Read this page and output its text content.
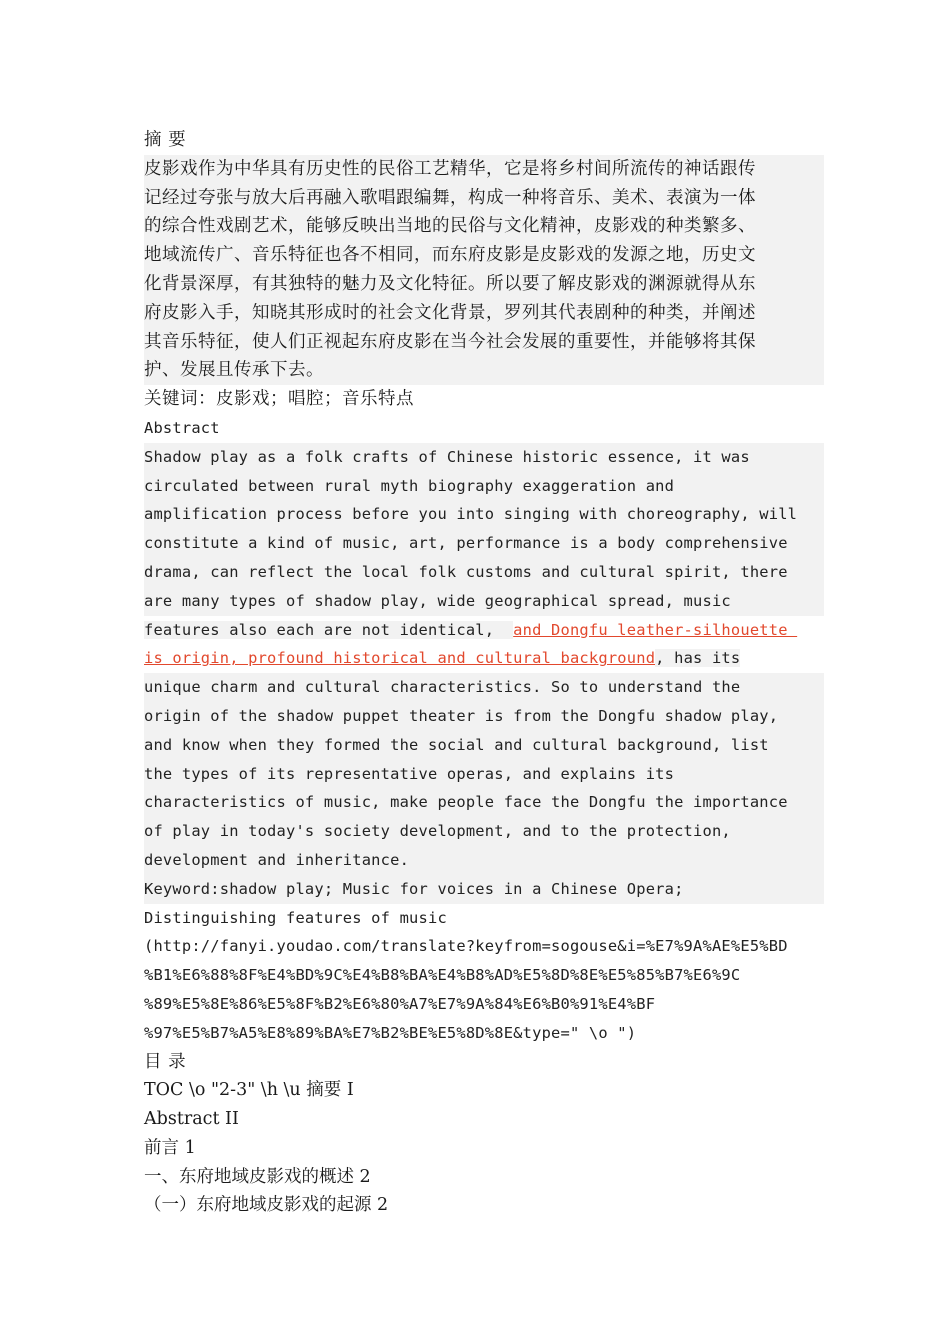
摘 要
皮影戏作为中华具有历史性的民俗工艺精华，它是将乡村间所流传的神话跟传
记经过夸张与放大后再融入歌唱跟编舞，构成一种将音乐、美术、表演为一体
的综合性戏剧艺术，能够反映出当地的民俗与文化精神，皮影戏的种类繁多、
地域流传广、音乐特征也各不相同，而东府皮影是皮影戏的发源之地，历史文
化背景深厚，有其独特的魅力及文化特征。所以要了解皮影戏的渊源就得从东
府皮影入手，知晓其形成时的社会文化背景，罗列其代表剧种的种类，并阐述
其音乐特征，使人们正视起东府皮影在当今社会发展的重要性，并能够将其保
护、发展且传承下去。
关键词：皮影戏；唱腔；音乐特点
Abstract
Shadow play as a folk crafts of Chinese historic essence, it was
circulated between rural myth biography exaggeration and
amplification process before you into singing with choreography, will
constitute a kind of music, art, performance is a body comprehensive
drama, can reflect the local folk customs and cultural spirit, there
are many types of shadow play, wide geographical spread, music
features also each are not identical,  and Dongfu leather-silhouette
is origin, profound historical and cultural background, has its
unique charm and cultural characteristics. So to understand the
origin of the shadow puppet theater is from the Dongfu shadow play,
and know when they formed the social and cultural background, list
the types of its representative operas, and explains its
characteristics of music, make people face the Dongfu the importance
of play in today's society development, and to the protection,
development and inheritance.
Keyword:shadow play; Music for voices in a Chinese Opera;
Distinguishing features of music
(http://fanyi.youdao.com/translate?keyfrom=sogouse&i=%E7%9A%AE%E5%BD
%B1%E6%88%8F%E4%BD%9C%E4%B8%BA%E4%B8%AD%E5%8D%8E%E5%85%B7%E6%9C
%89%E5%8E%86%E5%8F%B2%E6%80%A7%E7%9A%84%E6%B0%91%E4%BF
%97%E5%B7%A5%E8%89%BA%E7%B2%BE%E5%8D%8E&type=" \o ")
目 录
TOC \o "2-3" \h \u 摘要 I
Abstract II
前言 1
一、东府地域皮影戏的概述 2
（一）东府地域皮影戏的起源 2
